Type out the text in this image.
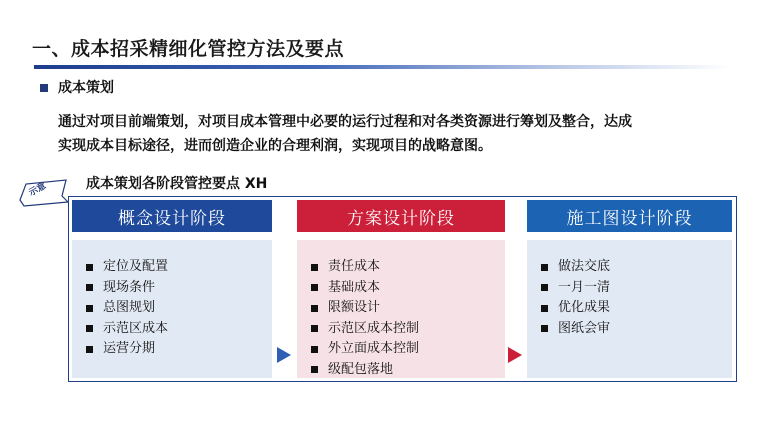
一、成本招采精细化管控方法及要点
成本策划
通过对项目前端策划，对项目成本管理中必要的运行过程和对各类资源进行筹划及整合，达成
实现成本目标途径，进而创造企业的合理利润，实现项目的战略意图。
示意	成本策划各阶段管控要点 XH
概念设计阶段
定位及配置
现场条件
总图规划
示范区成本
运营分期
方案设计阶段
责任成本
基础成本
限额设计
示范区成本控制
外立面成本控制
级配包落地
施工图设计阶段
做法交底
一月一清
优化成果
图纸会审
